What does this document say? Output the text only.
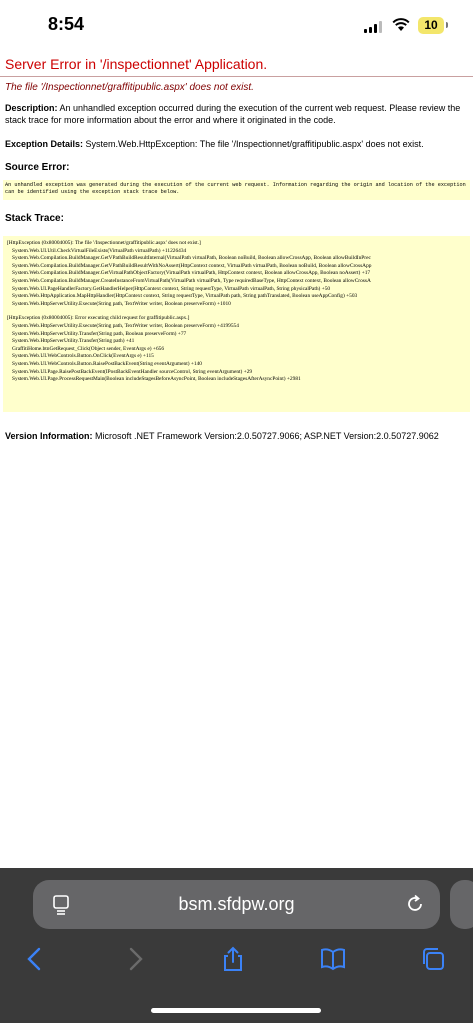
8:54	10
Server Error in '/inspectionnet' Application.
The file '/Inspectionnet/graffitipublic.aspx' does not exist.
Description: An unhandled exception occurred during the execution of the current web request. Please review the stack trace for more information about the error and where it originated in the code.
Exception Details: System.Web.HttpException: The file '/Inspectionnet/graffitipublic.aspx' does not exist.
Source Error:
An unhandled exception was generated during the execution of the current web request. Information regarding the origin and location of the exception can be identified using the exception stack trace below.
Stack Trace:
[HttpException (0x80004005): The file '/Inspectionnet/graffitipublic.aspx' does not exist.]
System.Web.UI.Util.CheckVirtualFileExists(VirtualPath virtualPath) +11226434
System.Web.Compilation.BuildManager.GetVPathBuildResultInternal(VirtualPath virtualPath, Boolean noBuild, Boolean allowCrossApp, Boolean allowBuildInPrec
System.Web.Compilation.BuildManager.GetVPathBuildResultWithNoAssert(HttpContext context, VirtualPath virtualPath, Boolean noBuild, Boolean allowCrossApp
System.Web.Compilation.BuildManager.GetVirtualPathObjectFactory(VirtualPath virtualPath, HttpContext context, Boolean allowCrossApp, Boolean noAssert) +17
System.Web.Compilation.BuildManager.CreateInstanceFromVirtualPath(VirtualPath virtualPath, Type requiredBaseType, HttpContext context, Boolean allowCrossA
System.Web.UI.PageHandlerFactory.GetHandlerHelper(HttpContext context, String requestType, VirtualPath virtualPath, String physicalPath) +50
System.Web.HttpApplication.MapHttpHandler(HttpContext context, String requestType, VirtualPath path, String pathTranslated, Boolean useAppConfig) +503
System.Web.HttpServerUtility.Execute(String path, TextWriter writer, Boolean preserveForm) +1010
[HttpException (0x80004005): Error executing child request for graffitipublic.aspx.]
System.Web.HttpServerUtility.Execute(String path, TextWriter writer, Boolean preserveForm) +4199554
System.Web.HttpServerUtility.Transfer(String path, Boolean preserveForm) +77
System.Web.HttpServerUtility.Transfer(String path) +41
GraffitiHome.btnGetRequest_Click(Object sender, EventArgs e) +656
System.Web.UI.WebControls.Button.OnClick(EventArgs e) +115
System.Web.UI.WebControls.Button.RaisePostBackEvent(String eventArgument) +140
System.Web.UI.Page.RaisePostBackEvent(IPostBackEventHandler sourceControl, String eventArgument) +29
System.Web.UI.Page.ProcessRequestMain(Boolean includeStagesBeforeAsyncPoint, Boolean includeStagesAfterAsyncPoint) +2981
Version Information: Microsoft .NET Framework Version:2.0.50727.9066; ASP.NET Version:2.0.50727.9062
bsm.sfdpw.org
